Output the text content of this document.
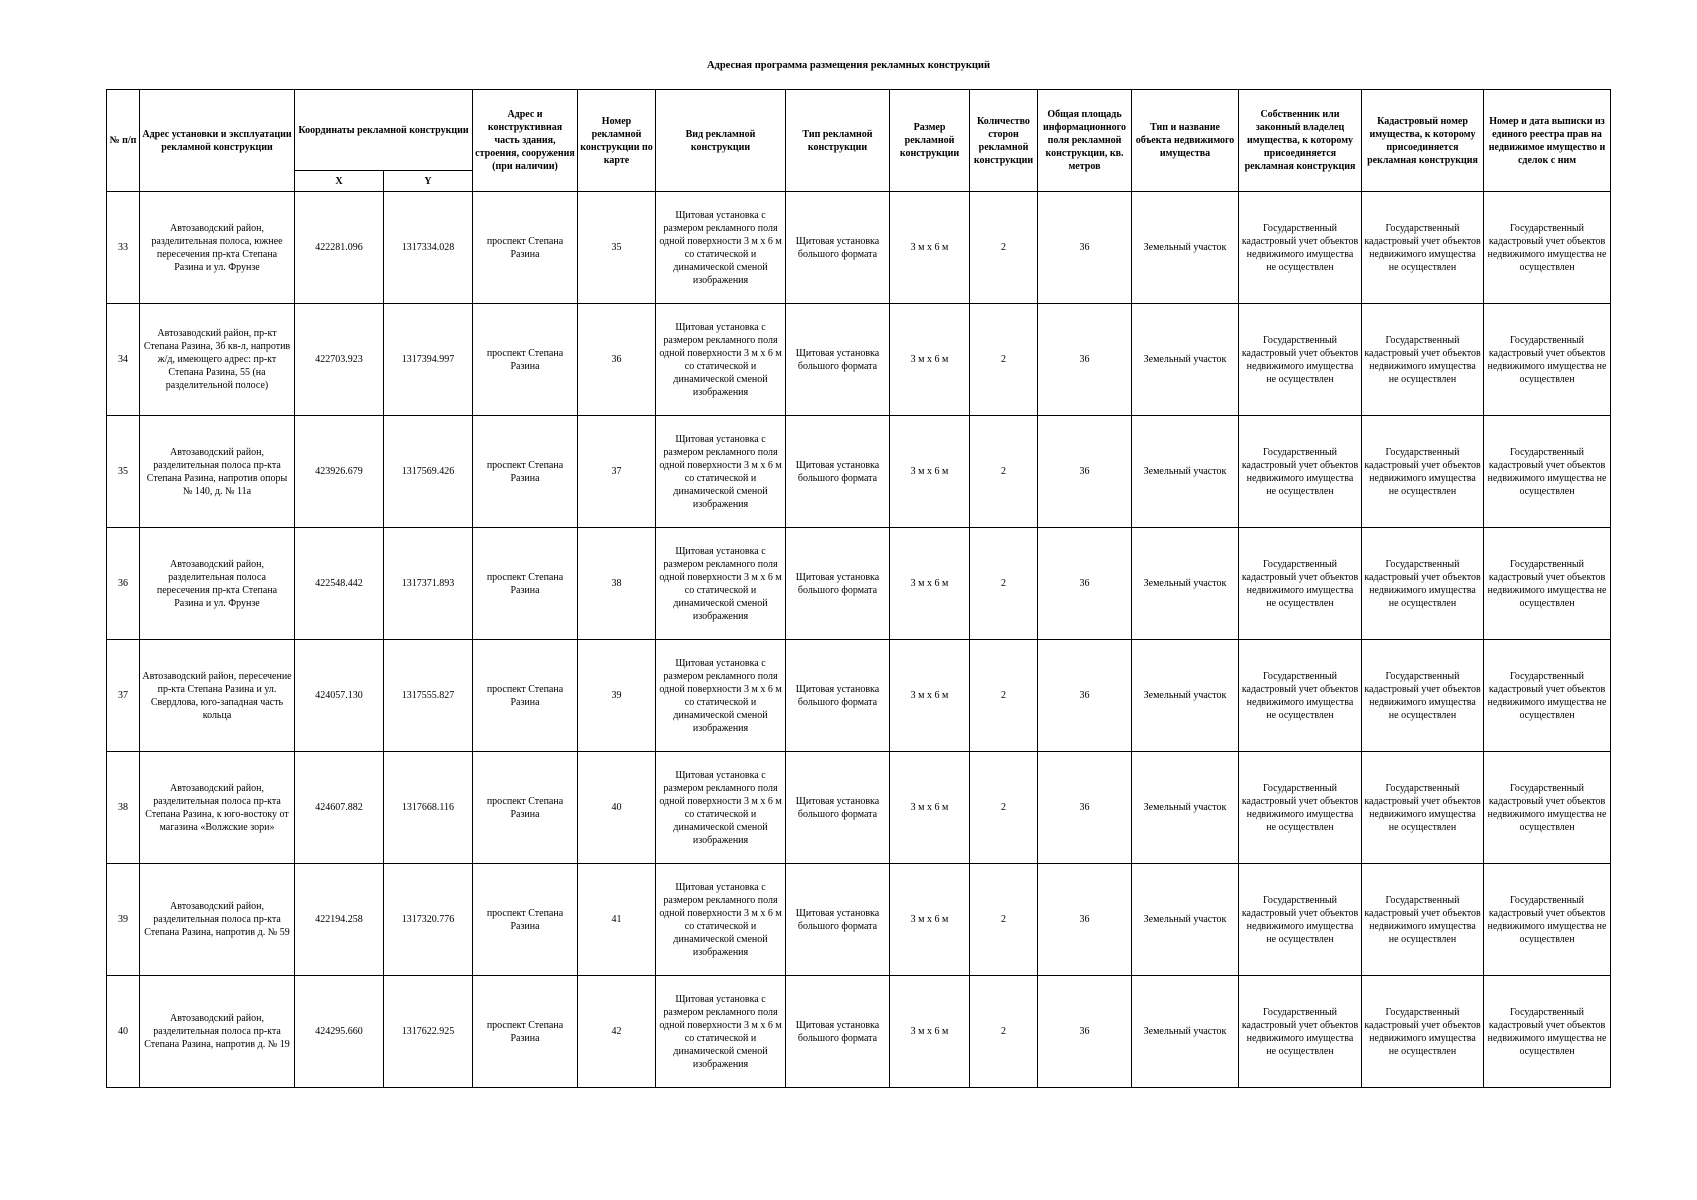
Адресная программа размещения рекламных конструкций
№ п/п	Адрес установки и эксплуатации рекламной конструкции	Координаты рекламной конструкции		Адрес и конструктивная часть здания, строения, сооружения (при наличии)	Номер рекламной конструкции по карте	Вид рекламной конструкции	Тип рекламной конструкции	Размер рекламной конструкции	Количество сторон рекламной конструкции	Общая площадь информационного поля рекламной конструкции, кв. метров	Тип и название объекта недвижимого имущества	Собственник или законный владелец имущества, к которому присоединяется рекламная конструкция	Кадастровый номер имущества, к которому присоединяется рекламная конструкция	Номер и дата выписки из единого реестра прав на недвижимое имущество и сделок с ним
		X	Y											
33	Автозаводский район, разделительная полоса, южнее пересечения пр-кта Степана Разина и ул. Фрунзе	422281.096	1317334.028	проспект Степана Разина	35	Щитовая установка с размером рекламного поля одной поверхности 3 м х 6 м со статической и динамической сменой изображения	Щитовая установка большого формата	3 м х 6 м	2	36	Земельный участок	Государственный кадастровый учет объектов недвижимого имущества не осуществлен	Государственный кадастровый учет объектов недвижимого имущества не осуществлен	Государственный кадастровый учет объектов недвижимого имущества не осуществлен
34	Автозаводский район, пр-кт Степана Разина, 3б кв-л, напротив ж/д, имеющего адрес: пр-кт Степана Разина, 55 (на разделительной полосе)	422703.923	1317394.997	проспект Степана Разина	36	Щитовая установка с размером рекламного поля одной поверхности 3 м х 6 м со статической и динамической сменой изображения	Щитовая установка большого формата	3 м х 6 м	2	36	Земельный участок	Государственный кадастровый учет объектов недвижимого имущества не осуществлен	Государственный кадастровый учет объектов недвижимого имущества не осуществлен	Государственный кадастровый учет объектов недвижимого имущества не осуществлен
35	Автозаводский район, разделительная полоса пр-кта Степана Разина, напротив опоры № 140, д. № 11а	423926.679	1317569.426	проспект Степана Разина	37	Щитовая установка с размером рекламного поля одной поверхности 3 м х 6 м со статической и динамической сменой изображения	Щитовая установка большого формата	3 м х 6 м	2	36	Земельный участок	Государственный кадастровый учет объектов недвижимого имущества не осуществлен	Государственный кадастровый учет объектов недвижимого имущества не осуществлен	Государственный кадастровый учет объектов недвижимого имущества не осуществлен
36	Автозаводский район, разделительная полоса пересечения пр-кта Степана Разина и ул. Фрунзе	422548.442	1317371.893	проспект Степана Разина	38	Щитовая установка с размером рекламного поля одной поверхности 3 м х 6 м со статической и динамической сменой изображения	Щитовая установка большого формата	3 м х 6 м	2	36	Земельный участок	Государственный кадастровый учет объектов недвижимого имущества не осуществлен	Государственный кадастровый учет объектов недвижимого имущества не осуществлен	Государственный кадастровый учет объектов недвижимого имущества не осуществлен
37	Автозаводский район, пересечение пр-кта Степана Разина и ул. Свердлова, юго-западная часть кольца	424057.130	1317555.827	проспект Степана Разина	39	Щитовая установка с размером рекламного поля одной поверхности 3 м х 6 м со статической и динамической сменой изображения	Щитовая установка большого формата	3 м х 6 м	2	36	Земельный участок	Государственный кадастровый учет объектов недвижимого имущества не осуществлен	Государственный кадастровый учет объектов недвижимого имущества не осуществлен	Государственный кадастровый учет объектов недвижимого имущества не осуществлен
38	Автозаводский район, разделительная полоса пр-кта Степана Разина, к юго-востоку от магазина «Волжские зори»	424607.882	1317668.116	проспект Степана Разина	40	Щитовая установка с размером рекламного поля одной поверхности 3 м х 6 м со статической и динамической сменой изображения	Щитовая установка большого формата	3 м х 6 м	2	36	Земельный участок	Государственный кадастровый учет объектов недвижимого имущества не осуществлен	Государственный кадастровый учет объектов недвижимого имущества не осуществлен	Государственный кадастровый учет объектов недвижимого имущества не осуществлен
39	Автозаводский район, разделительная полоса пр-кта Степана Разина, напротив д. № 59	422194.258	1317320.776	проспект Степана Разина	41	Щитовая установка с размером рекламного поля одной поверхности 3 м х 6 м со статической и динамической сменой изображения	Щитовая установка большого формата	3 м х 6 м	2	36	Земельный участок	Государственный кадастровый учет объектов недвижимого имущества не осуществлен	Государственный кадастровый учет объектов недвижимого имущества не осуществлен	Государственный кадастровый учет объектов недвижимого имущества не осуществлен
40	Автозаводский район, разделительная полоса пр-кта Степана Разина, напротив д. № 19	424295.660	1317622.925	проспект Степана Разина	42	Щитовая установка с размером рекламного поля одной поверхности 3 м х 6 м со статической и динамической сменой изображения	Щитовая установка большого формата	3 м х 6 м	2	36	Земельный участок	Государственный кадастровый учет объектов недвижимого имущества не осуществлен	Государственный кадастровый учет объектов недвижимого имущества не осуществлен	Государственный кадастровый учет объектов недвижимого имущества не осуществлен
